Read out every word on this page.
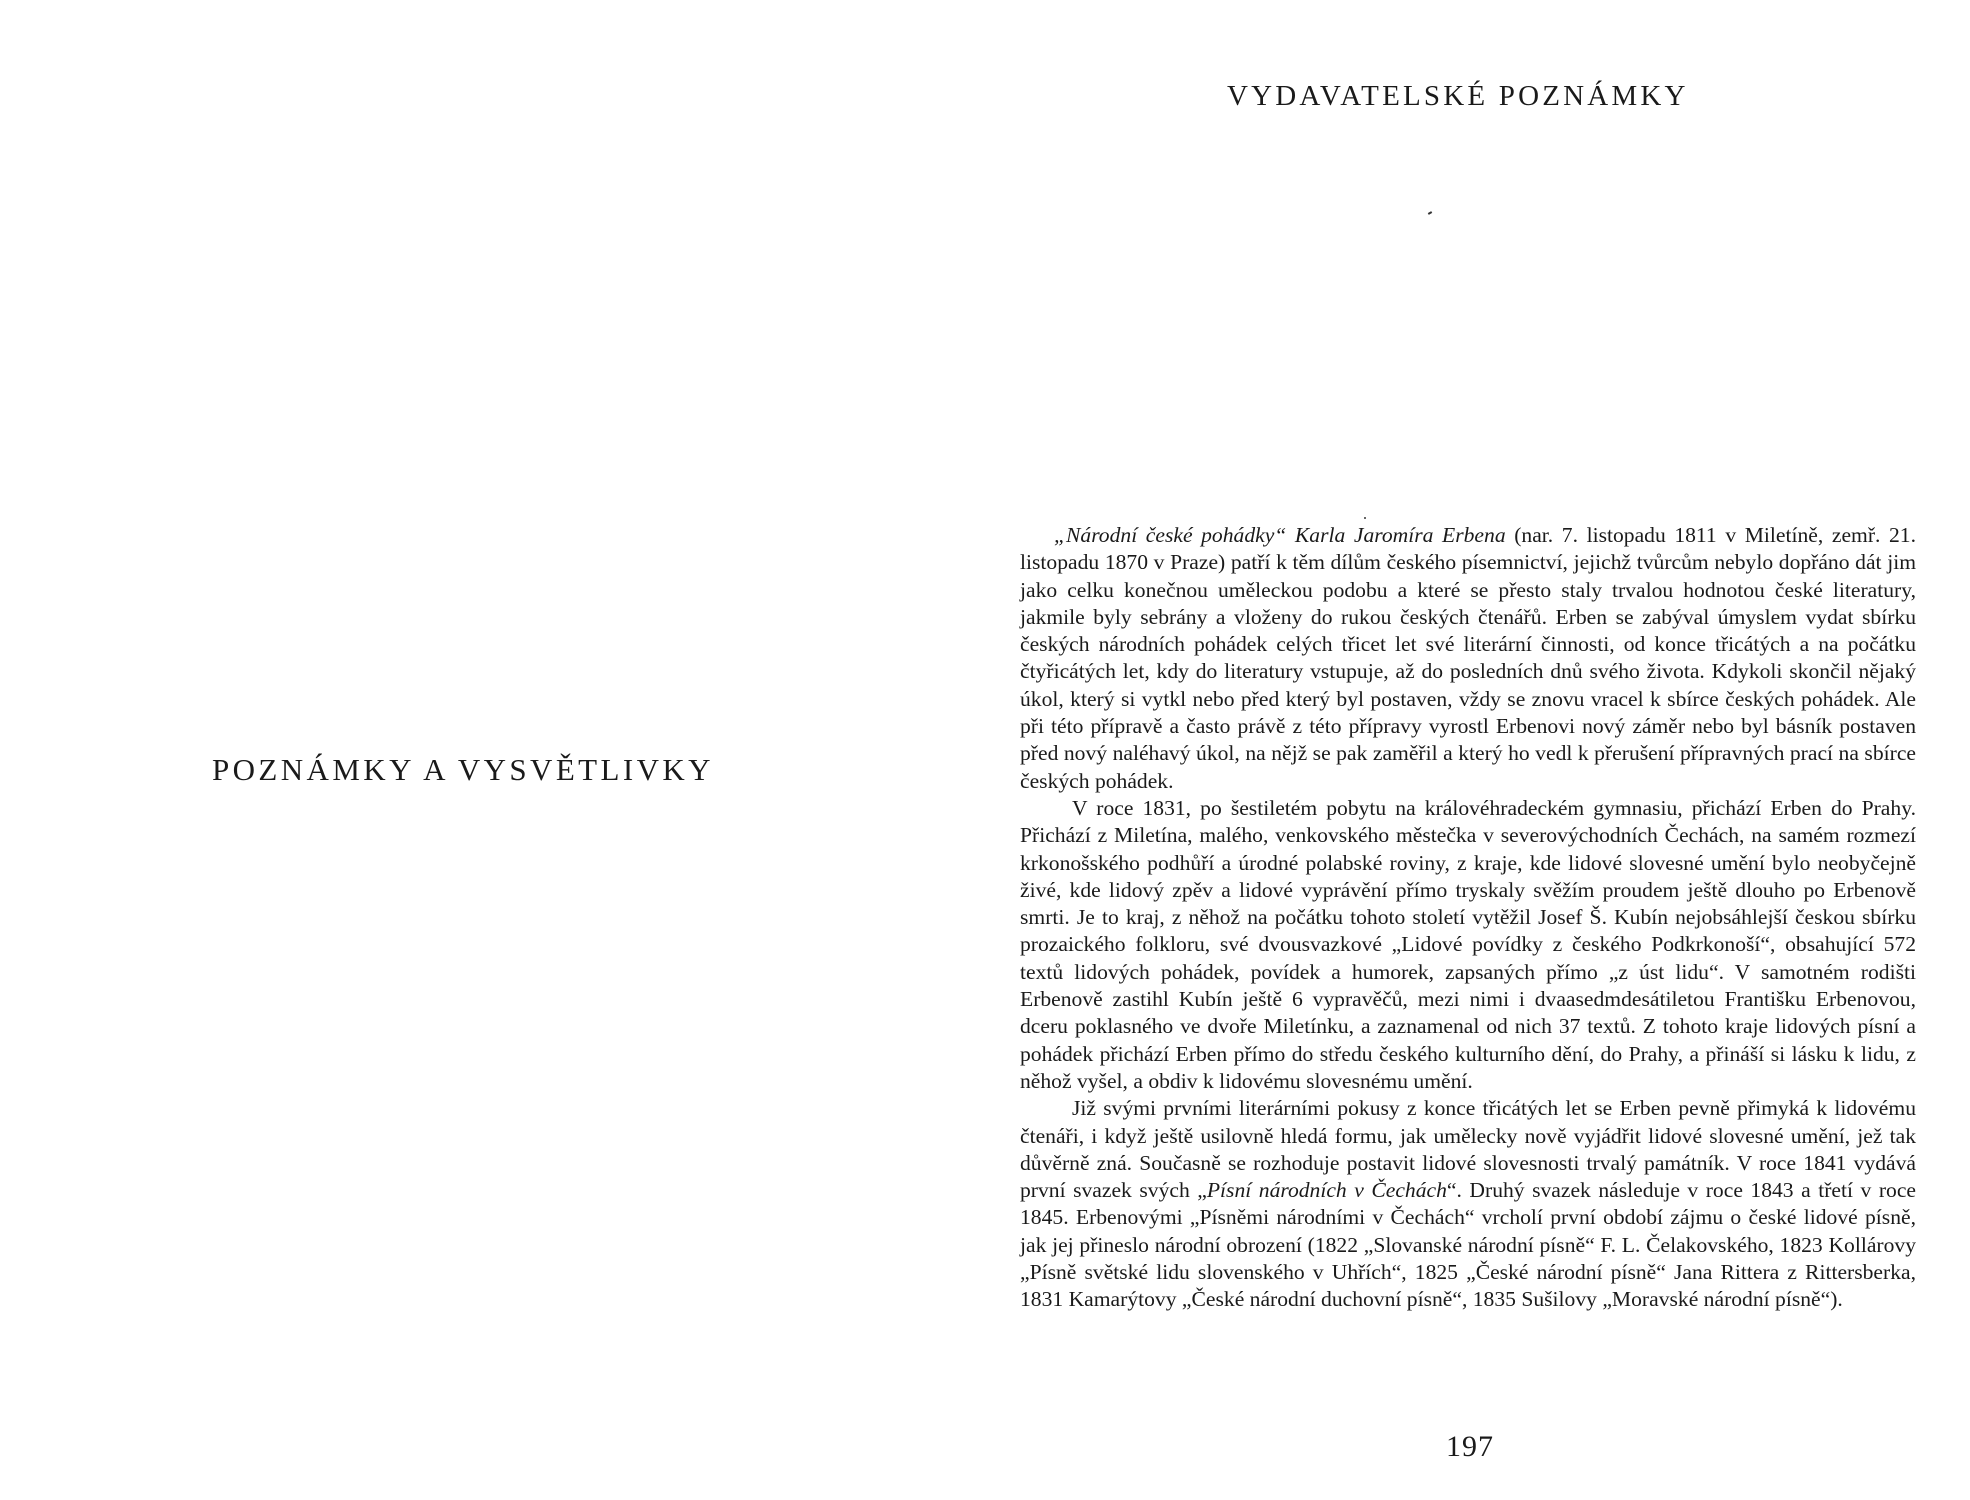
POZNÁMKY A VYSVĚTLIVKY
VYDAVATELSKÉ POZNÁMKY

„Národní české pohádky“ Karla Jaromíra Erbena (nar. 7. listopadu 1811 v Miletíně, zemř. 21. listopadu 1870 v Praze) patří k těm dílům českého písemnictví, jejichž tvůrcům nebylo dopřáno dát jim jako celku konečnou uměleckou podobu a které se přesto staly trvalou hodnotou české literatury, jakmile byly sebrány a vloženy do rukou českých čtenářů. Erben se zabýval úmyslem vydat sbírku českých národních pohádek celých třicet let své literární činnosti, od konce třicátých a na počátku čtyřicátých let, kdy do literatury vstupuje, až do posledních dnů svého života. Kdykoli skončil nějaký úkol, který si vytkl nebo před který byl postaven, vždy se znovu vracel k sbírce českých pohádek. Ale při této přípravě a často právě z této přípravy vyrostl Erbenovi nový záměr nebo byl básník postaven před nový naléhavý úkol, na nějž se pak zaměřil a který ho vedl k přerušení přípravných prací na sbírce českých pohádek.

V roce 1831, po šestiletém pobytu na královéhradeckém gymnasiu, přichází Erben do Prahy. Přichází z Miletína, malého, venkovského městečka v severovýchodních Čechách, na samém rozmezí krkonošského podhůří a úrodné polabské roviny, z kraje, kde lidové slovesné umění bylo neobyčejně živé, kde lidový zpěv a lidové vyprávění přímo tryskaly svěžím proudem ještě dlouho po Erbenově smrti. Je to kraj, z něhož na počátku tohoto století vytěžil Josef Š. Kubín nejobsáhlejší českou sbírku prozaického folkloru, své dvousvazkové „Lidové povídky z českého Podkrkonoší“, obsahující 572 textů lidových pohádek, povídek a humorek, zapsaných přímo „z úst lidu“. V samotném rodišti Erbenově zastihl Kubín ještě 6 vypravěčů, mezi nimi i dvaasedmdesátiletou Františku Erbenovou, dceru poklasného ve dvoře Miletínku, a zaznamenal od nich 37 textů. Z tohoto kraje lidových písní a pohádek přichází Erben přímo do středu českého kulturního dění, do Prahy, a přináší si lásku k lidu, z něhož vyšel, a obdiv k lidovému slovesnému umění.

Již svými prvními literárními pokusy z konce třicátých let se Erben pevně přimyká k lidovému čtenáři, i když ještě usilovně hledá formu, jak umělecky nově vyjádřit lidové slovesné umění, jež tak důvěrně zná. Současně se rozhoduje postavit lidové slovesnosti trvalý památník. V roce 1841 vydává první svazek svých „Písní národních v Čechách“. Druhý svazek následuje v roce 1843 a třetí v roce 1845. Erbenovými „Písněmi národními v Čechách“ vrcholí první období zájmu o české lidové písně, jak jej přineslo národní obrození (1822 „Slovanské národní písně“ F. L. Čelakovského, 1823 Kollárovy „Písně světské lidu slovenského v Uhřích“, 1825 „České národní písně“ Jana Rittera z Rittersberka, 1831 Kamarýtovy „České národní duchovní písně“, 1835 Sušilovy „Moravské národní písně“).

197
